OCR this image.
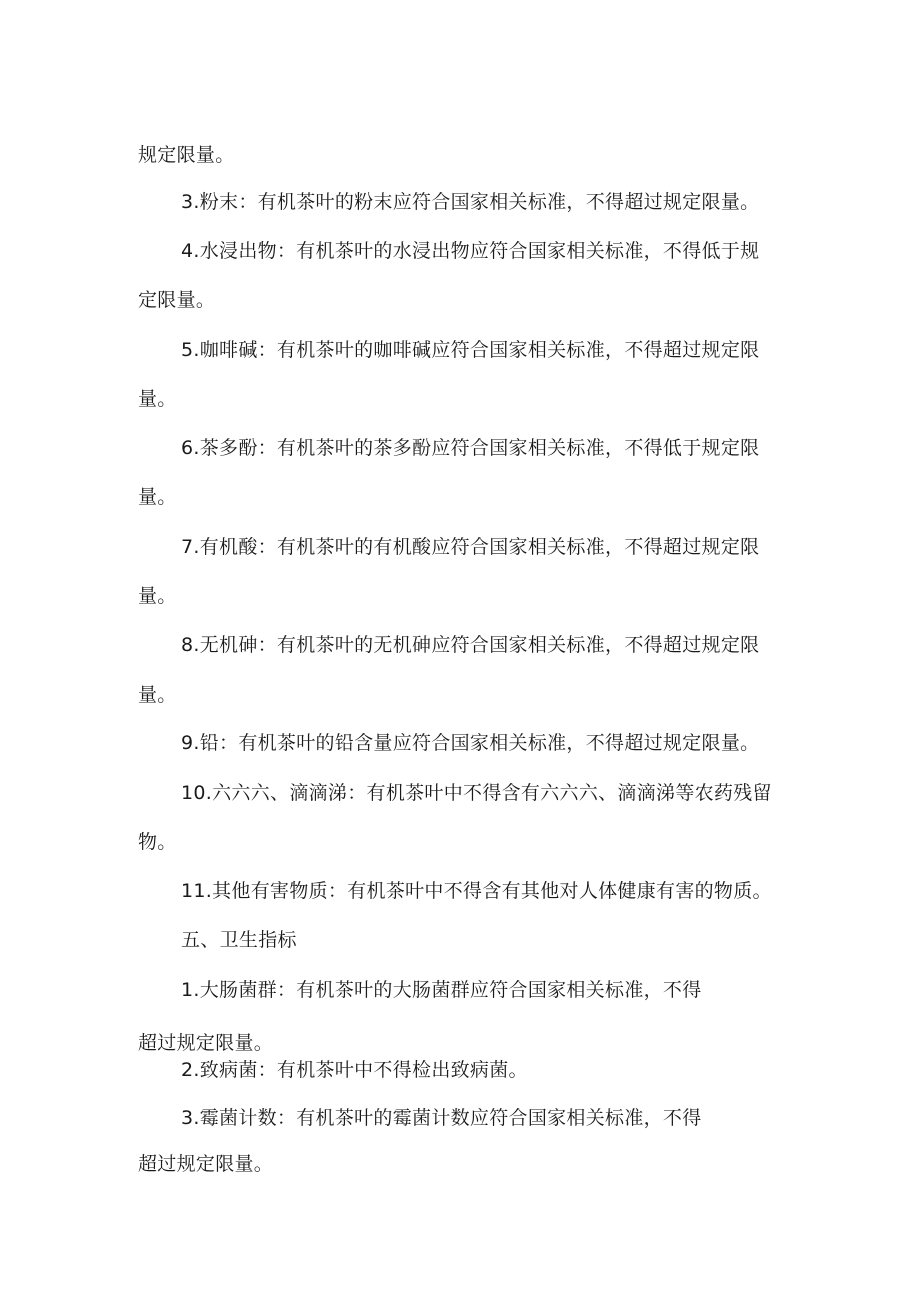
规定限量。

3.粉末：有机茶叶的粉末应符合国家相关标准，不得超过规定限量。

4.水浸出物：有机茶叶的水浸出物应符合国家相关标准，不得低于规

定限量。

5.咖啡碱：有机茶叶的咖啡碱应符合国家相关标准，不得超过规定限

量。

6.茶多酚：有机茶叶的茶多酚应符合国家相关标准，不得低于规定限

量。

7.有机酸：有机茶叶的有机酸应符合国家相关标准，不得超过规定限

量。

8.无机砷：有机茶叶的无机砷应符合国家相关标准，不得超过规定限

量。

9.铅：有机茶叶的铅含量应符合国家相关标准，不得超过规定限量。

10.六六六、滴滴涕：有机茶叶中不得含有六六六、滴滴涕等农药残留

物。

11.其他有害物质：有机茶叶中不得含有其他对人体健康有害的物质。

五、卫生指标

1.大肠菌群：有机茶叶的大肠菌群应符合国家相关标准，不得

超过规定限量。

2.致病菌：有机茶叶中不得检出致病菌。

3.霉菌计数：有机茶叶的霉菌计数应符合国家相关标准，不得

超过规定限量。
